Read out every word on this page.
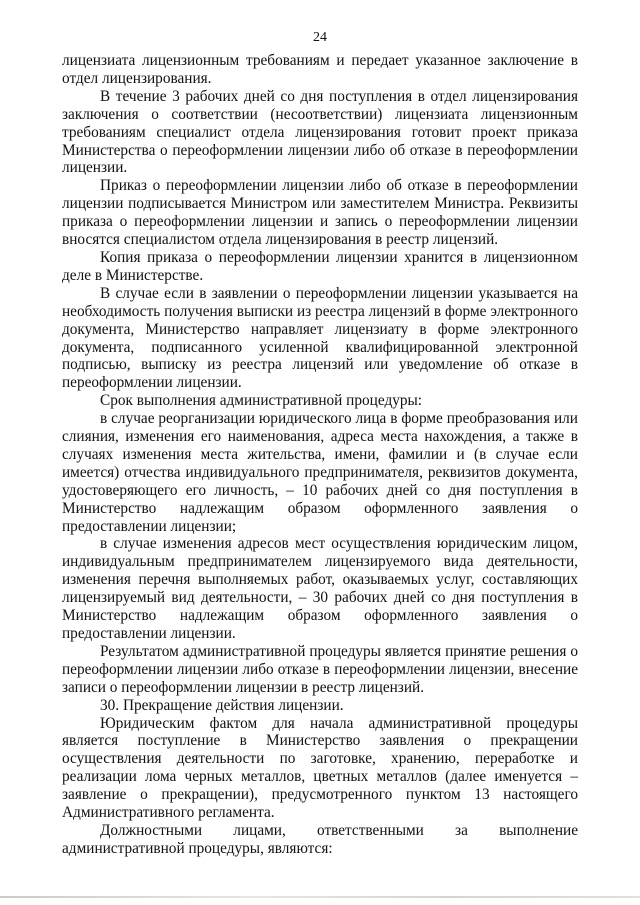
24

лицензиата лицензионным требованиям и передает указанное заключение в отдел лицензирования.

В течение 3 рабочих дней со дня поступления в отдел лицензирования заключения о соответствии (несоответствии) лицензиата лицензионным требованиям специалист отдела лицензирования готовит проект приказа Министерства о переоформлении лицензии либо об отказе в переоформлении лицензии.

Приказ о переоформлении лицензии либо об отказе в переоформлении лицензии подписывается Министром или заместителем Министра. Реквизиты приказа о переоформлении лицензии и запись о переоформлении лицензии вносятся специалистом отдела лицензирования в реестр лицензий.

Копия приказа о переоформлении лицензии хранится в лицензионном деле в Министерстве.

В случае если в заявлении о переоформлении лицензии указывается на необходимость получения выписки из реестра лицензий в форме электронного документа, Министерство направляет лицензиату в форме электронного документа, подписанного усиленной квалифицированной электронной подписью, выписку из реестра лицензий или уведомление об отказе в переоформлении лицензии.

Срок выполнения административной процедуры:

в случае реорганизации юридического лица в форме преобразования или слияния, изменения его наименования, адреса места нахождения, а также в случаях изменения места жительства, имени, фамилии и (в случае если имеется) отчества индивидуального предпринимателя, реквизитов документа, удостоверяющего его личность, – 10 рабочих дней со дня поступления в Министерство надлежащим образом оформленного заявления о предоставлении лицензии;

в случае изменения адресов мест осуществления юридическим лицом, индивидуальным предпринимателем лицензируемого вида деятельности, изменения перечня выполняемых работ, оказываемых услуг, составляющих лицензируемый вид деятельности, – 30 рабочих дней со дня поступления в Министерство надлежащим образом оформленного заявления о предоставлении лицензии.

Результатом административной процедуры является принятие решения о переоформлении лицензии либо отказе в переоформлении лицензии, внесение записи о переоформлении лицензии в реестр лицензий.

30. Прекращение действия лицензии.

Юридическим фактом для начала административной процедуры является поступление в Министерство заявления о прекращении осуществления деятельности по заготовке, хранению, переработке и реализации лома черных металлов, цветных металлов (далее именуется – заявление о прекращении), предусмотренного пунктом 13 настоящего Административного регламента.

Должностными лицами, ответственными за выполнение административной процедуры, являются:
